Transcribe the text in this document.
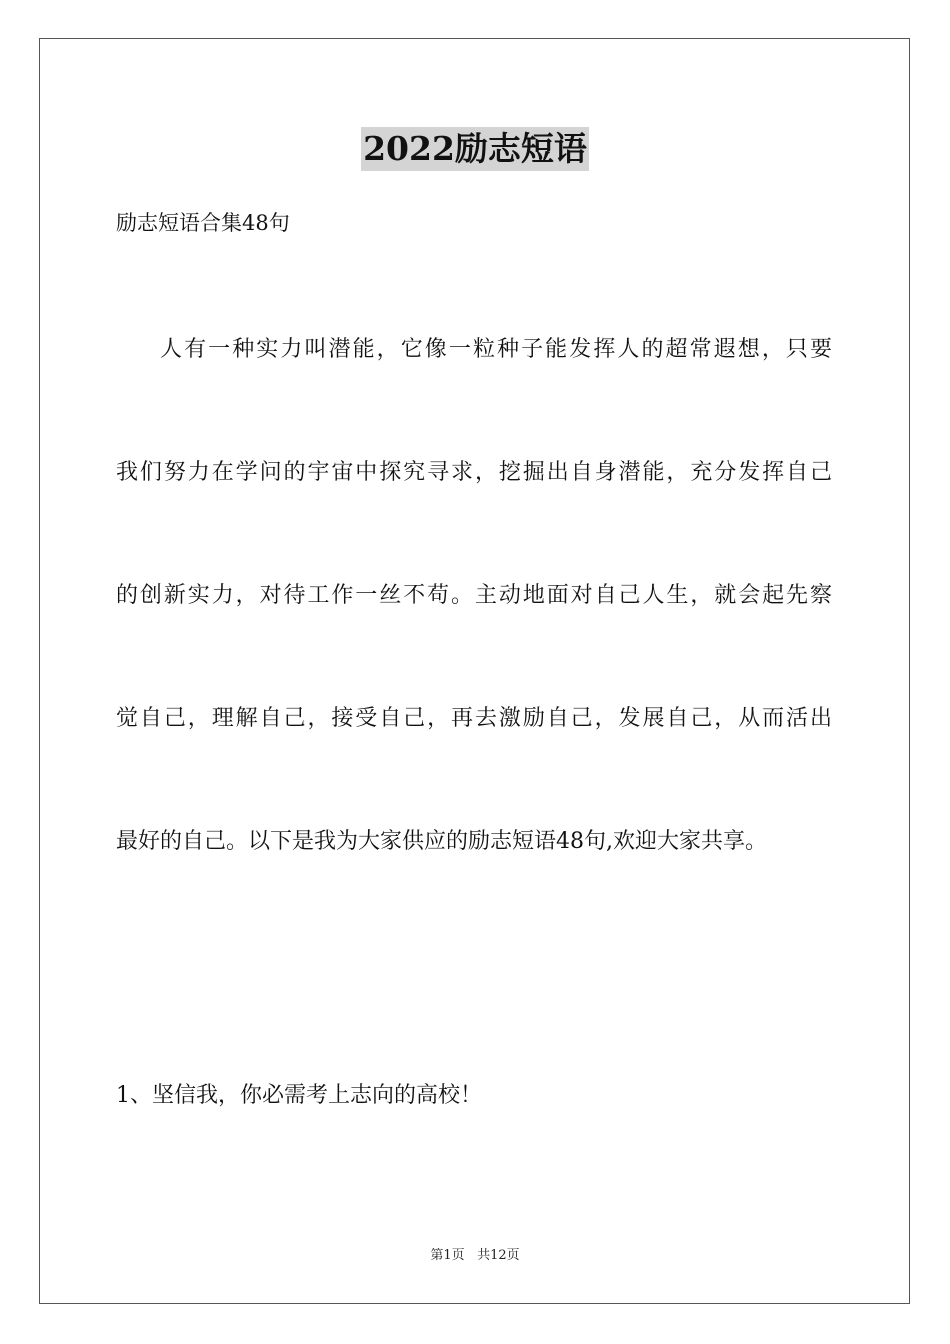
2022励志短语
励志短语合集48句
人有一种实力叫潜能，它像一粒种子能发挥人的超常遐想，只要
我们努力在学问的宇宙中探究寻求，挖掘出自身潜能，充分发挥自己
的创新实力，对待工作一丝不苟。主动地面对自己人生，就会起先察
觉自己，理解自己，接受自己，再去激励自己，发展自己，从而活出
最好的自己。以下是我为大家供应的励志短语48句,欢迎大家共享。
1、坚信我，你必需考上志向的高校！
第1页 共12页
